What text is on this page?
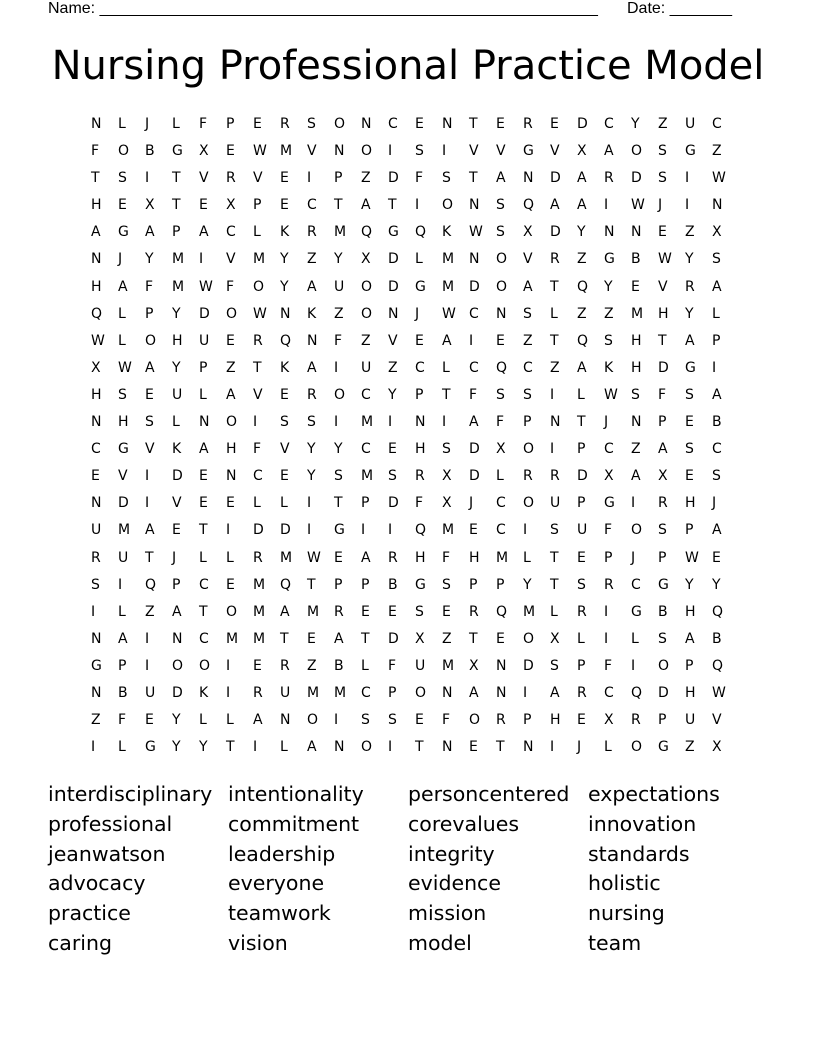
Name: ________________________________________________________ Date: _______
Nursing Professional Practice Model
N	L	J	L	F	P	E	R	S	O	N	C	E	N	T	E	R	E	D	C	Y	Z	U	C
F	O	B	G	X	E	W M	V	N	O	I	S	I	V	V	G	V	X	A	O	S	G	Z
T	S	I	T	V	R	V	E	I	P	Z	D	F	S	T	A	N	D	A	R	D	S	I	W
H	E	X	T	E	X	P	E	C	T	A	T	I	O	N	S	Q	A	A	I	W J	I	N
A	G	A	P	A	C	L	K	R	M	Q	G	Q	K	W S	X	D	Y	N	N	E	Z	X
N	J	Y	M	I	V	M	Y	Z	Y	X	D	L	M	N	O	V	R	Z	G	B	W Y	S
H	A	F	M	W F	O	Y	A	U	O	D	G	M	D	O	A	T	Q	Y	E	V	R	A
Q	L	P	Y	D	O	W N	K	Z	O	N	J	W C	N	S	L	Z	Z	M	H	Y	L
W L	O	H	U	E	R	Q	N	F	Z	V	E	A	I	E	Z	T	Q	S	H	T	A	P
X	W A	Y	P	Z	T	K	A	I	U	Z	C	L	C	Q	C	Z	A	K	H	D	G	I
H	S	E	U	L	A	V	E	R	O	C	Y	P	T	F	S	S	I	L	W S	F	S	A
N	H	S	L	N	O	I	S	S	I	M	I	N	I	A	F	P	N	T	J	N	P	E	B
C	G	V	K	A	H	F	V	Y	Y	C	E	H	S	D	X	O	I	P	C	Z	A	S	C
E	V	I	D	E	N	C	E	Y	S	M	S	R	X	D	L	R	R	D	X	A	X	E	S
N	D	I	V	E	E	L	L	I	T	P	D	F	X	J	C	O	U	P	G	I	R	H	J
U	M	A	E	T	I	D	D	I	G	I	I	Q	M	E	C	I	S	U	F	O	S	P	A
R	U	T	J	L	L	R	M	W E	A	R	H	F	H	M	L	T	E	P	J	P	W E
S	I	Q	P	C	E	M	Q	T	P	P	B	G	S	P	P	Y	T	S	R	C	G	Y	Y
I	L	Z	A	T	O	M	A	M	R	E	E	S	E	R	Q	M	L	R	I	G	B	H	Q
N	A	I	N	C	M	M	T	E	A	T	D	X	Z	T	E	O	X	L	I	L	S	A	B
G	P	I	O	O	I	E	R	Z	B	L	F	U	M	X	N	D	S	P	F	I	O	P	Q
N	B	U	D	K	I	R	U	M	M	C	P	O	N	A	N	I	A	R	C	Q	D	H	W
Z	F	E	Y	L	L	A	N	O	I	S	S	E	F	O	R	P	H	E	X	R	P	U	V
I	L	G	Y	Y	T	I	L	A	N	O	I	T	N	E	T	N	I	J	L	O	G	Z	X
interdisciplinary intentionality	personcentered expectations
professional	commitment	corevalues	innovation
jeanwatson	leadership	integrity	standards
advocacy	everyone	evidence	holistic
practice	teamwork	mission	nursing
caring	vision	model	team
